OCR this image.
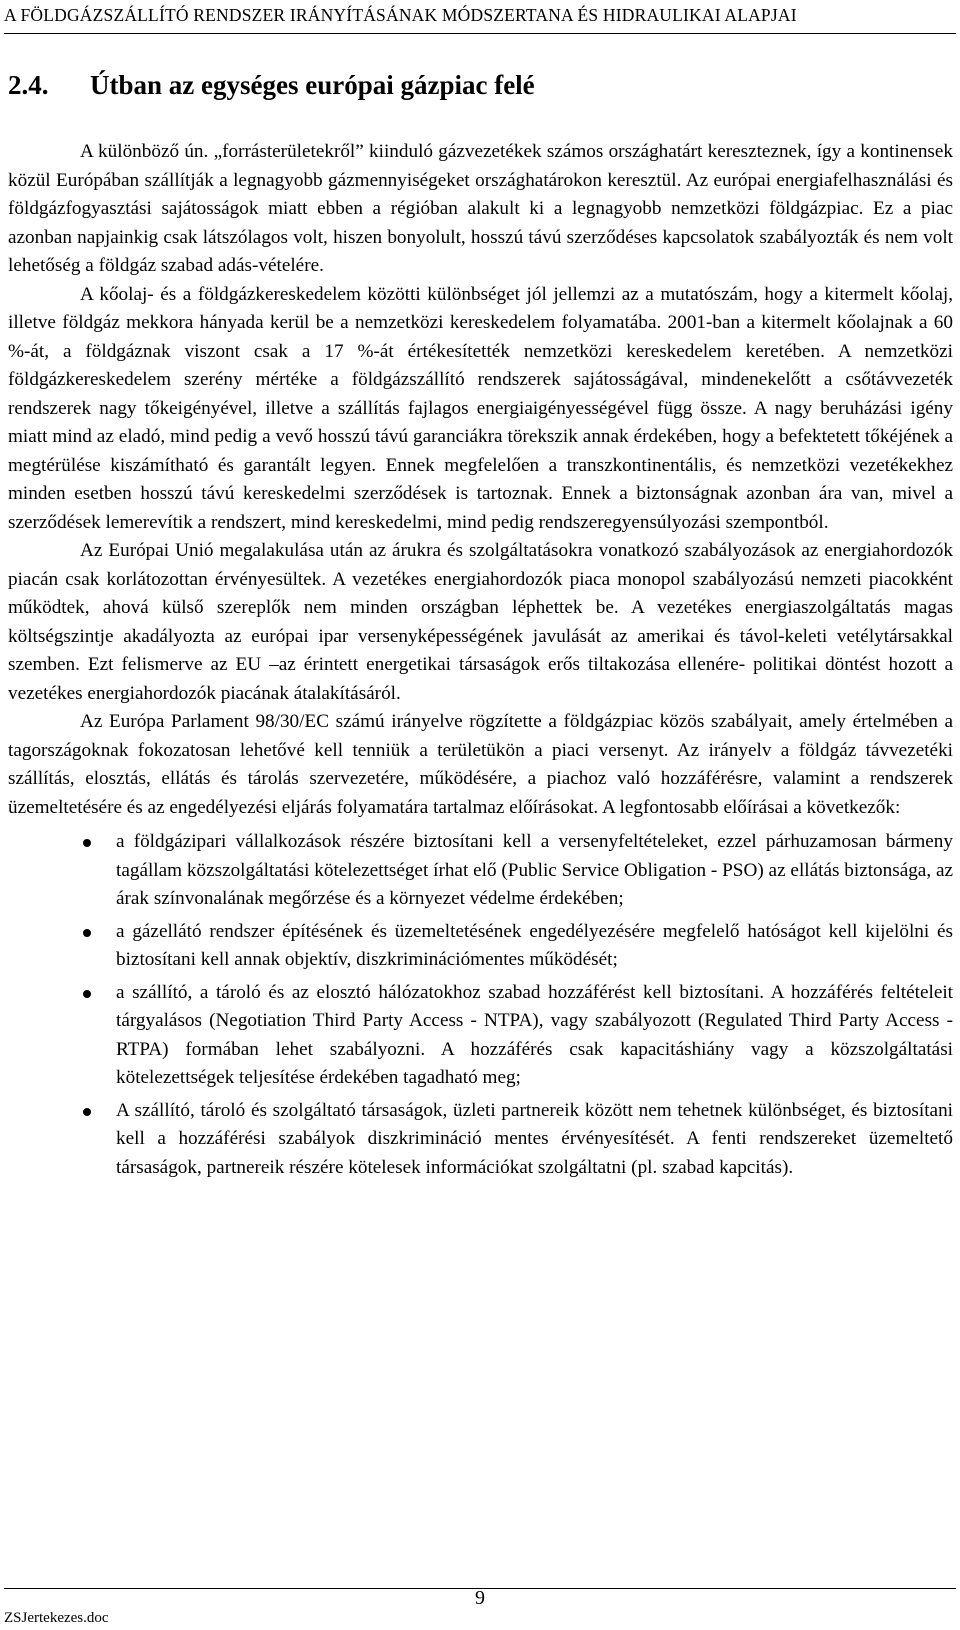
A FÖLDGÁZSZÁLLÍTÓ RENDSZER IRÁNYÍTÁSÁNAK MÓDSZERTANA ÉS HIDRAULIKAI ALAPJAI
2.4. Útban az egységes európai gázpiac felé

A különböző ún. „forrásterületekről” kiinduló gázvezetékek számos országhatárt kereszteznek, így a kontinensek közül Európában szállítják a legnagyobb gázmennyiségeket országhatárokon keresztül. Az európai energiafelhasználási és földgázfogyasztási sajátosságok miatt ebben a régióban alakult ki a legnagyobb nemzetközi földgázpiac. Ez a piac azonban napjainkig csak látszólagos volt, hiszen bonyolult, hosszú távú szerződéses kapcsolatok szabályozták és nem volt lehetőség a földgáz szabad adás-vételére.

A kőolaj- és a földgázkereskedelem közötti különbséget jól jellemzi az a mutatószám, hogy a kitermelt kőolaj, illetve földgáz mekkora hányada kerül be a nemzetközi kereskedelem folyamatába. 2001-ban a kitermelt kőolajnak a 60 %-át, a földgáznak viszont csak a 17 %-át értékesítették nemzetközi kereskedelem keretében. A nemzetközi földgázkereskedelem szerény mértéke a földgázszállító rendszerek sajátosságával, mindenekelőtt a csőtávvezeték rendszerek nagy tőkeigényével, illetve a szállítás fajlagos energiaigényességével függ össze. A nagy beruházási igény miatt mind az eladó, mind pedig a vevő hosszú távú garanciákra törekszik annak érdekében, hogy a befektetett tőkéjének a megtérülése kiszámítható és garantált legyen. Ennek megfelelően a transzkontinentális, és nemzetközi vezetékekhez minden esetben hosszú távú kereskedelmi szerződések is tartoznak. Ennek a biztonságnak azonban ára van, mivel a szerződések lemerevítik a rendszert, mind kereskedelmi, mind pedig rendszeregyensúlyozási szempontból.

Az Európai Unió megalakulása után az árukra és szolgáltatásokra vonatkozó szabályozások az energiahordozók piacán csak korlátozottan érvényesültek. A vezetékes energiahordozók piaca monopol szabályozású nemzeti piacokként működtek, ahová külső szereplők nem minden országban léphettek be. A vezetékes energiaszolgáltatás magas költségszintje akadályozta az európai ipar versenyképességének javulását az amerikai és távol-keleti vetélytársakkal szemben. Ezt felismerve az EU –az érintett energetikai társaságok erős tiltakozása ellenére- politikai döntést hozott a vezetékes energiahordozók piacának átalakításáról.

Az Európa Parlament 98/30/EC számú irányelve rögzítette a földgázpiac közös szabályait, amely értelmében a tagországoknak fokozatosan lehetővé kell tenniük a területükön a piaci versenyt. Az irányelv a földgáz távvezetéki szállítás, elosztás, ellátás és tárolás szervezetére, működésére, a piachoz való hozzáférésre, valamint a rendszerek üzemeltetésére és az engedélyezési eljárás folyamatára tartalmaz előírásokat. A legfontosabb előírásai a következők:

a földgázipari vállalkozások részére biztosítani kell a versenyfeltételeket, ezzel párhuzamosan bármeny tagállam közszolgáltatási kötelezettséget írhat elő (Public Service Obligation - PSO) az ellátás biztonsága, az árak színvonalának megőrzése és a környezet védelme érdekében;
a gázellátó rendszer építésének és üzemeltetésének engedélyezésére megfelelő hatóságot kell kijelölni és biztosítani kell annak objektív, diszkriminációmentes működését;
a szállító, a tároló és az elosztó hálózatokhoz szabad hozzáférést kell biztosítani. A hozzáférés feltételeit tárgyalásos (Negotiation Third Party Access - NTPA), vagy szabályozott (Regulated Third Party Access - RTPA) formában lehet szabályozni. A hozzáférés csak kapacitáshiány vagy a közszolgáltatási kötelezettségek teljesítése érdekében tagadható meg;
A szállító, tároló és szolgáltató társaságok, üzleti partnereik között nem tehetnek különbséget, és biztosítani kell a hozzáférési szabályok diszkrimináció mentes érvényesítését. A fenti rendszereket üzemeltető társaságok, partnereik részére kötelesek információkat szolgáltatni (pl. szabad kapcitás).
9
ZSJertekezes.doc
